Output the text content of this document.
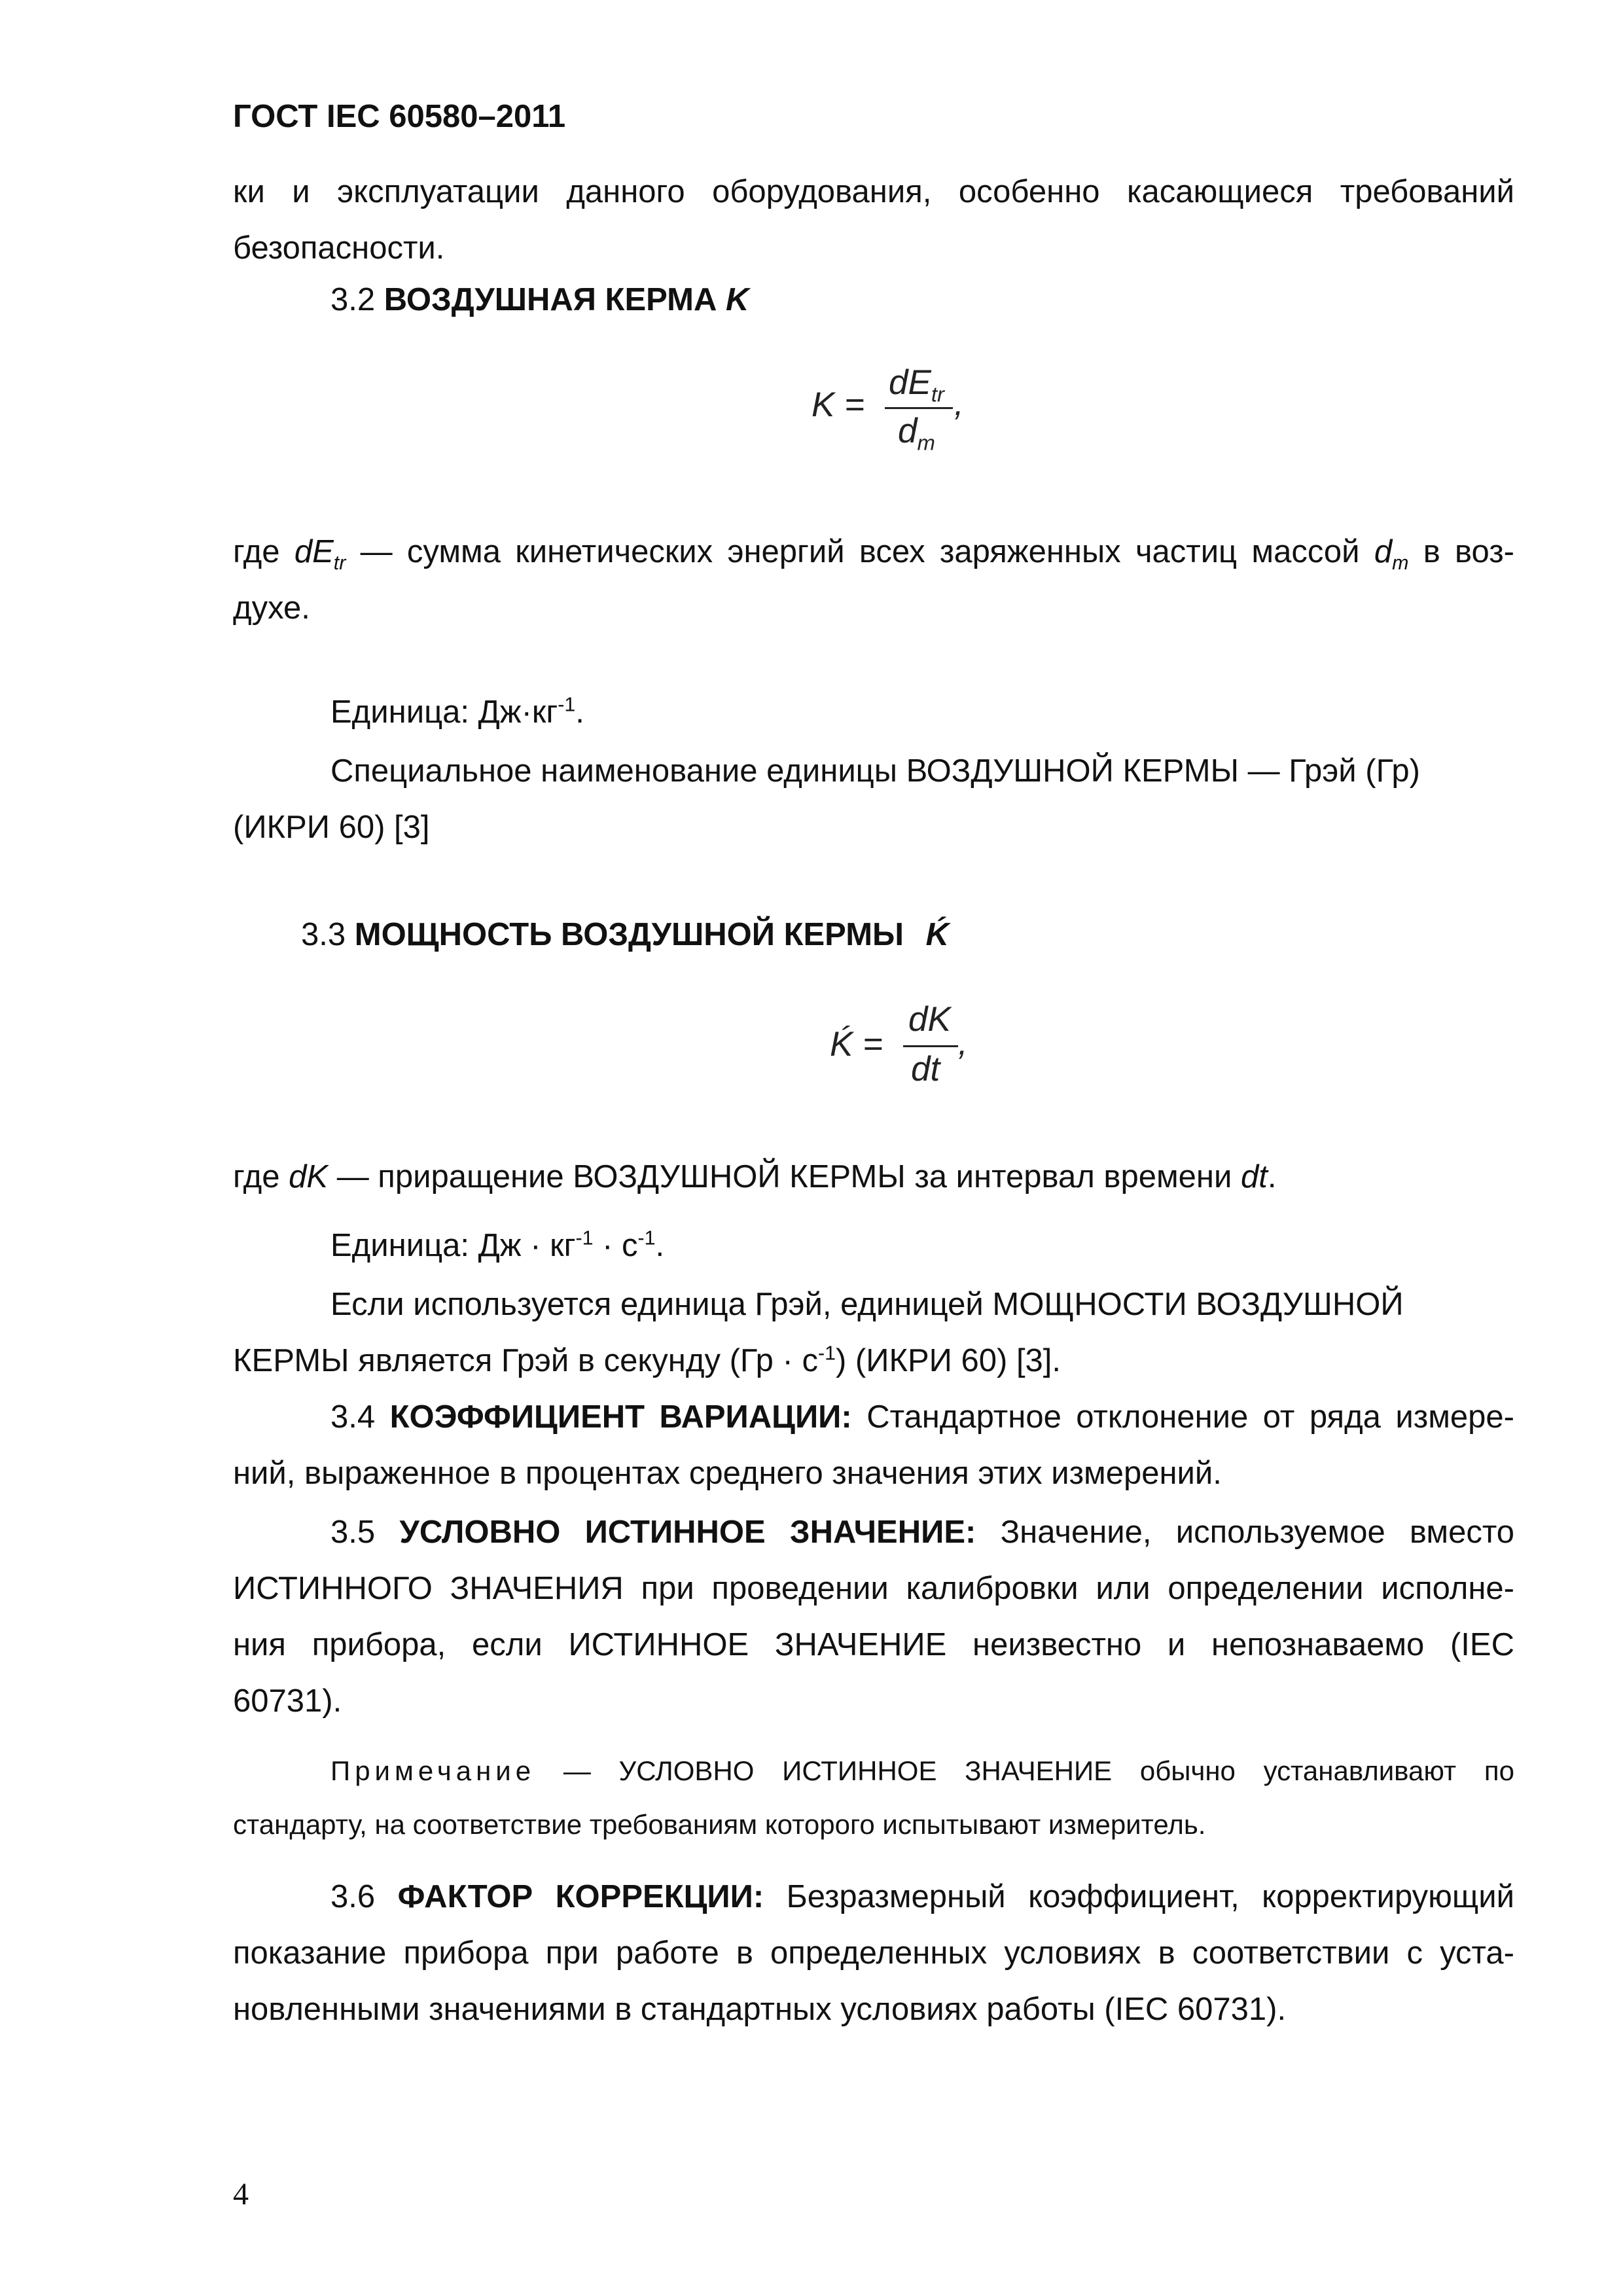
ГОСТ IEC 60580–2011
ки и эксплуатации данного оборудования, особенно касающиеся требований
безопасности.
3.2 ВОЗДУШНАЯ КЕРМА K
K =
$dE_{tr}$ ,
$d_m$
где $dE_{tr}$ — сумма кинетических энергий всех заряженных частиц массой $d_m$ в воз-
духе.
Единица: $Дж\cdot кг^{-1}$.
Специальное наименование единицы ВОЗДУШНОЙ КЕРМЫ — Грэй (Гр)
(ИКРИ 60) [3]
3.3 МОЩНОСТЬ ВОЗДУШНОЙ КЕРМЫ Ḱ
Ḱ =
dK
,
dt
где dK — приращение ВОЗДУШНОЙ КЕРМЫ за интервал времени dt.
Единица: Дж · $кг^{-1} \cdot с^{-1}$.
Если используется единица Грэй, единицей МОЩНОСТИ ВОЗДУШНОЙ
КЕРМЫ является Грэй в секунду $(Гр \cdot с^{-1})$ (ИКРИ 60) [3].
3.4 КОЭФФИЦИЕНТ ВАРИАЦИИ: Стандартное отклонение от ряда измере-
ний, выраженное в процентах среднего значения этих измерений.
3.5 УСЛОВНО ИСТИННОЕ ЗНАЧЕНИЕ: Значение, используемое вместо
ИСТИННОГО ЗНАЧЕНИЯ при проведении калибровки или определении исполне-
ния прибора, если ИСТИННОЕ ЗНАЧЕНИЕ неизвестно и непознаваемо (IEC
60731).
Примечание — УСЛОВНО ИСТИННОЕ ЗНАЧЕНИЕ обычно устанавливают по
стандарту, на соответствие требованиям которого испытывают измеритель.
3.6 ФАКТОР КОРРЕКЦИИ: Безразмерный коэффициент, корректирующий
показание прибора при работе в определенных условиях в соответствии с уста-
новленными значениями в стандартных условиях работы (IEC 60731).
4
